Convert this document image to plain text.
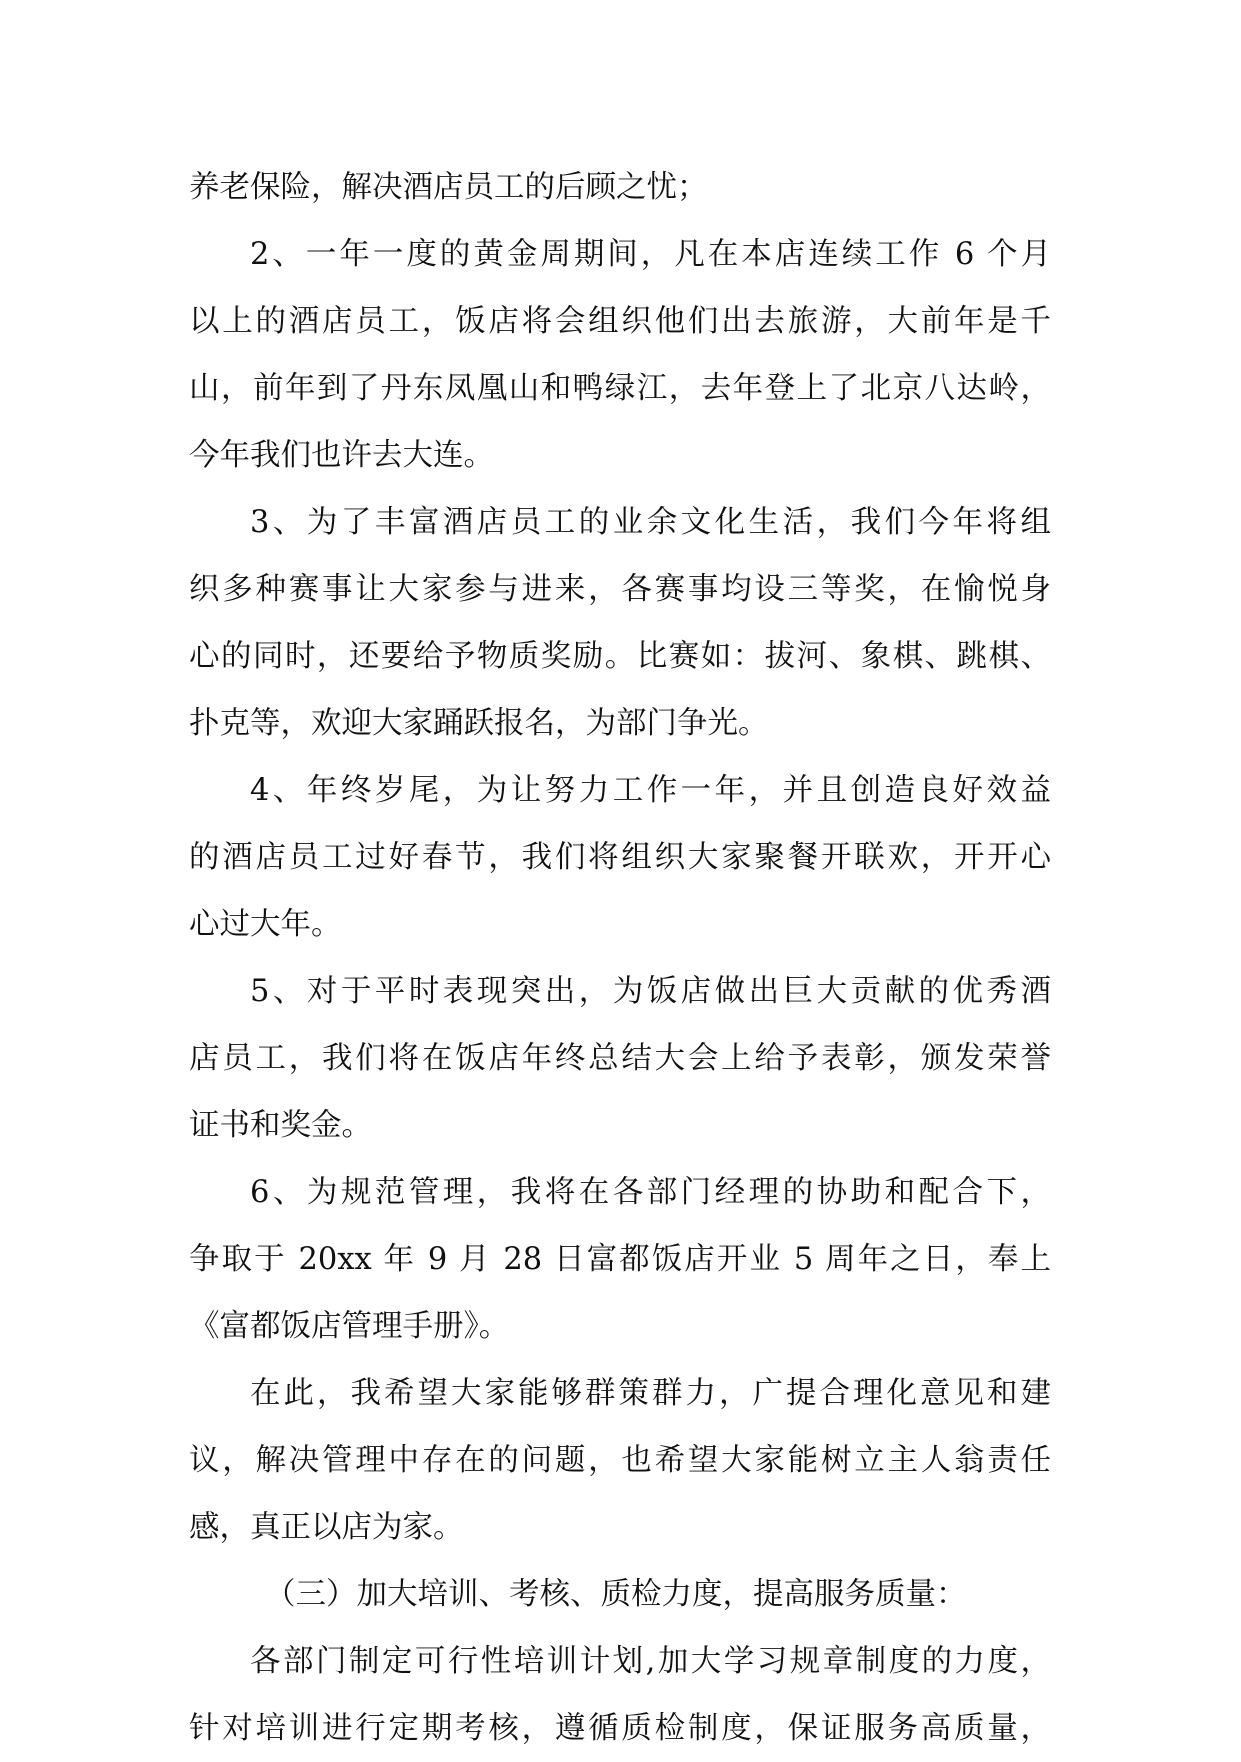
养老保险，解决酒店员工的后顾之忧；
2、一年一度的黄金周期间，凡在本店连续工作 6 个月
以上的酒店员工，饭店将会组织他们出去旅游，大前年是千
山，前年到了丹东凤凰山和鸭绿江，去年登上了北京八达岭，
今年我们也许去大连。
3、为了丰富酒店员工的业余文化生活，我们今年将组
织多种赛事让大家参与进来，各赛事均设三等奖，在愉悦身
心的同时，还要给予物质奖励。比赛如：拔河、象棋、跳棋、
扑克等，欢迎大家踊跃报名，为部门争光。
4、年终岁尾，为让努力工作一年，并且创造良好效益
的酒店员工过好春节，我们将组织大家聚餐开联欢，开开心
心过大年。
5、对于平时表现突出，为饭店做出巨大贡献的优秀酒
店员工，我们将在饭店年终总结大会上给予表彰，颁发荣誉
证书和奖金。
6、为规范管理，我将在各部门经理的协助和配合下，
争取于 20xx 年 9 月 28 日富都饭店开业 5 周年之日，奉上
《富都饭店管理手册》。
在此，我希望大家能够群策群力，广提合理化意见和建
议，解决管理中存在的问题，也希望大家能树立主人翁责任
感，真正以店为家。
（三）加大培训、考核、质检力度，提高服务质量：
各部门制定可行性培训计划,加大学习规章制度的力度，
针对培训进行定期考核，遵循质检制度，保证服务高质量，
